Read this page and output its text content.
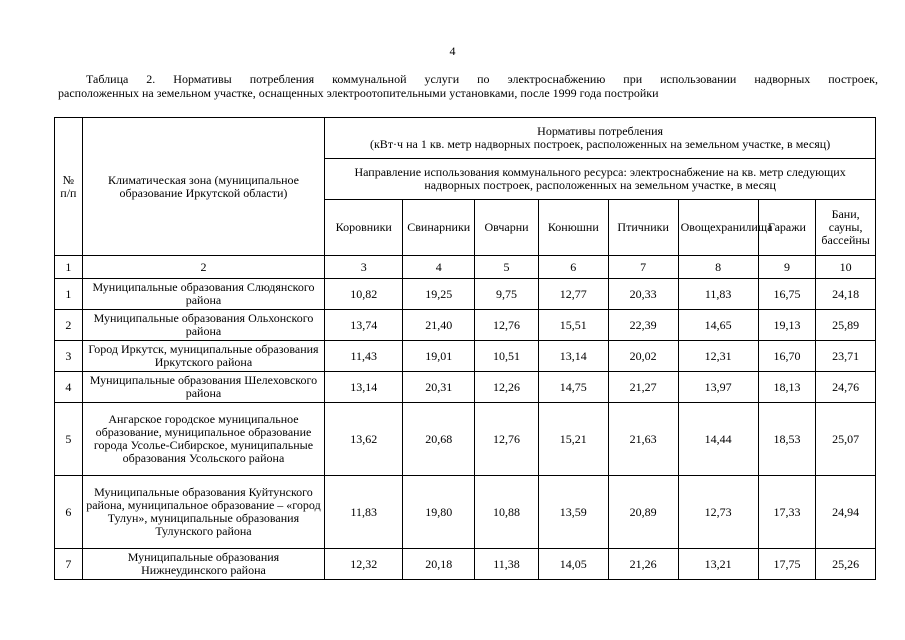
4
Таблица 2. Нормативы потребления коммунальной услуги по электроснабжению при использовании надворных построек,
расположенных на земельном участке, оснащенных электроотопительными установками, после 1999 года постройки
№ п/п	Климатическая зона (муниципальное образование Иркутской области)	Нормативы потребления
(кВт·ч на 1 кв. метр надворных построек, расположенных на земельном участке, в месяц)							

		Направление использования коммунального ресурса: электроснабжение на кв. метр следующих надворных построек, расположенных на земельном участке, в месяц							
		Коровники	Свинарники	Овчарни	Конюшни	Птичники	Овощехранилища	Гаражи	Бани, сауны, бассейны
1	2	3	4	5	6	7	8	9	10
1	Муниципальные образования Слюдянского района	10,82	19,25	9,75	12,77	20,33	11,83	16,75	24,18
2	Муниципальные образования Ольхонского района	13,74	21,40	12,76	15,51	22,39	14,65	19,13	25,89
3	Город Иркутск, муниципальные образования Иркутского района	11,43	19,01	10,51	13,14	20,02	12,31	16,70	23,71
4	Муниципальные образования Шелеховского района	13,14	20,31	12,26	14,75	21,27	13,97	18,13	24,76
5	Ангарское городское муниципальное образование, муниципальное образование города Усолье-Сибирское, муниципальные образования Усольского района	13,62	20,68	12,76	15,21	21,63	14,44	18,53	25,07
6	Муниципальные образования Куйтунского района, муниципальное образование – «город Тулун», муниципальные образования Тулунского района	11,83	19,80	10,88	13,59	20,89	12,73	17,33	24,94
7	Муниципальные образования Нижнеудинского района	12,32	20,18	11,38	14,05	21,26	13,21	17,75	25,26
